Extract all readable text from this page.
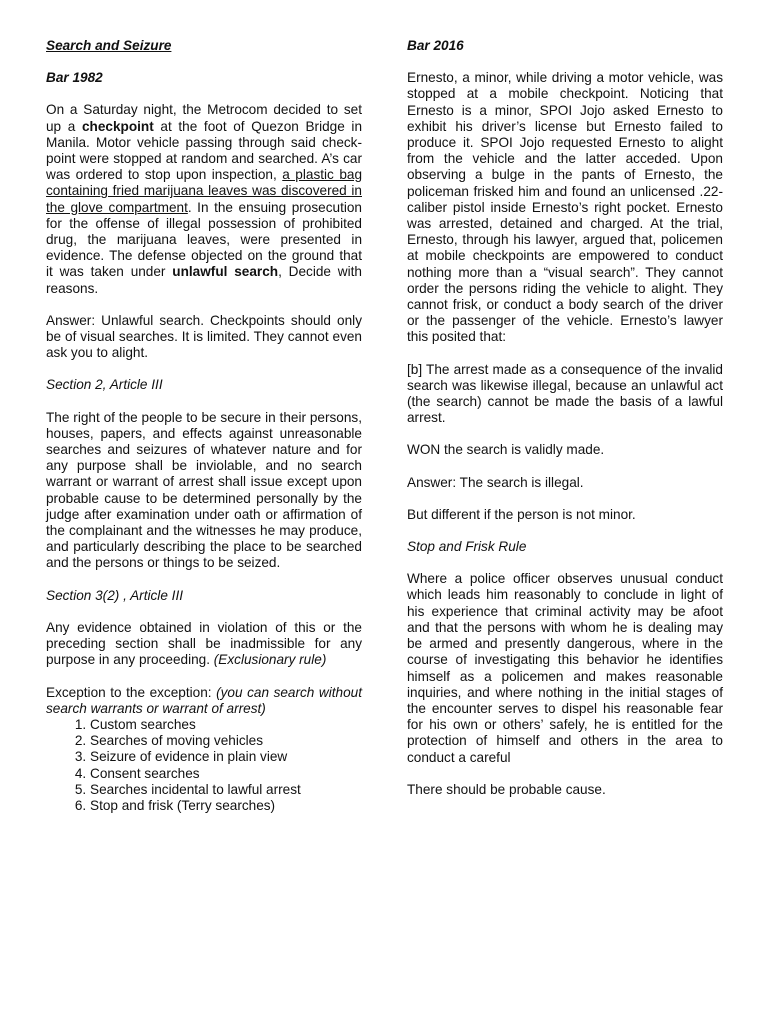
Search and Seizure

Bar 1982

On a Saturday night, the Metrocom decided to set up a checkpoint at the foot of Quezon Bridge in Manila. Motor vehicle passing through said check-point were stopped at random and searched. A’s car was ordered to stop upon inspection, a plastic bag containing fried marijuana leaves was discovered in the glove compartment. In the ensuing prosecution for the offense of illegal possession of prohibited drug, the marijuana leaves, were presented in evidence. The defense objected on the ground that it was taken under unlawful search, Decide with reasons.

Answer: Unlawful search. Checkpoints should only be of visual searches. It is limited. They cannot even ask you to alight.

Section 2, Article III

The right of the people to be secure in their persons, houses, papers, and effects against unreasonable searches and seizures of whatever nature and for any purpose shall be inviolable, and no search warrant or warrant of arrest shall issue except upon probable cause to be determined personally by the judge after examination under oath or affirmation of the complainant and the witnesses he may produce, and particularly describing the place to be searched and the persons or things to be seized.

Section 3(2) , Article III

Any evidence obtained in violation of this or the preceding section shall be inadmissible for any purpose in any proceeding. (Exclusionary rule)

Exception to the exception: (you can search without search warrants or warrant of arrest)

1. Custom searches
2. Searches of moving vehicles
3. Seizure of evidence in plain view
4. Consent searches
5. Searches incidental to lawful arrest
6. Stop and frisk (Terry searches)

Bar 2016

Ernesto, a minor, while driving a motor vehicle, was stopped at a mobile checkpoint. Noticing that Ernesto is a minor, SPOI Jojo asked Ernesto to exhibit his driver’s license but Ernesto failed to produce it. SPOI Jojo requested Ernesto to alight from the vehicle and the latter acceded. Upon observing a bulge in the pants of Ernesto, the policeman frisked him and found an unlicensed .22-caliber pistol inside Ernesto’s right pocket. Ernesto was arrested, detained and charged. At the trial, Ernesto, through his lawyer, argued that, policemen at mobile checkpoints are empowered to conduct nothing more than a “visual search”. They cannot order the persons riding the vehicle to alight. They cannot frisk, or conduct a body search of the driver or the passenger of the vehicle. Ernesto’s lawyer this posited that:

[b] The arrest made as a consequence of the invalid search was likewise illegal, because an unlawful act (the search) cannot be made the basis of a lawful arrest.

WON the search is validly made.

Answer: The search is illegal.

But different if the person is not minor.

Stop and Frisk Rule

Where a police officer observes unusual conduct which leads him reasonably to conclude in light of his experience that criminal activity may be afoot and that the persons with whom he is dealing may be armed and presently dangerous, where in the course of investigating this behavior he identifies himself as a policemen and makes reasonable inquiries, and where nothing in the initial stages of the encounter serves to dispel his reasonable fear for his own or others’ safely, he is entitled for the protection of himself and others in the area to conduct a careful

There should be probable cause.
